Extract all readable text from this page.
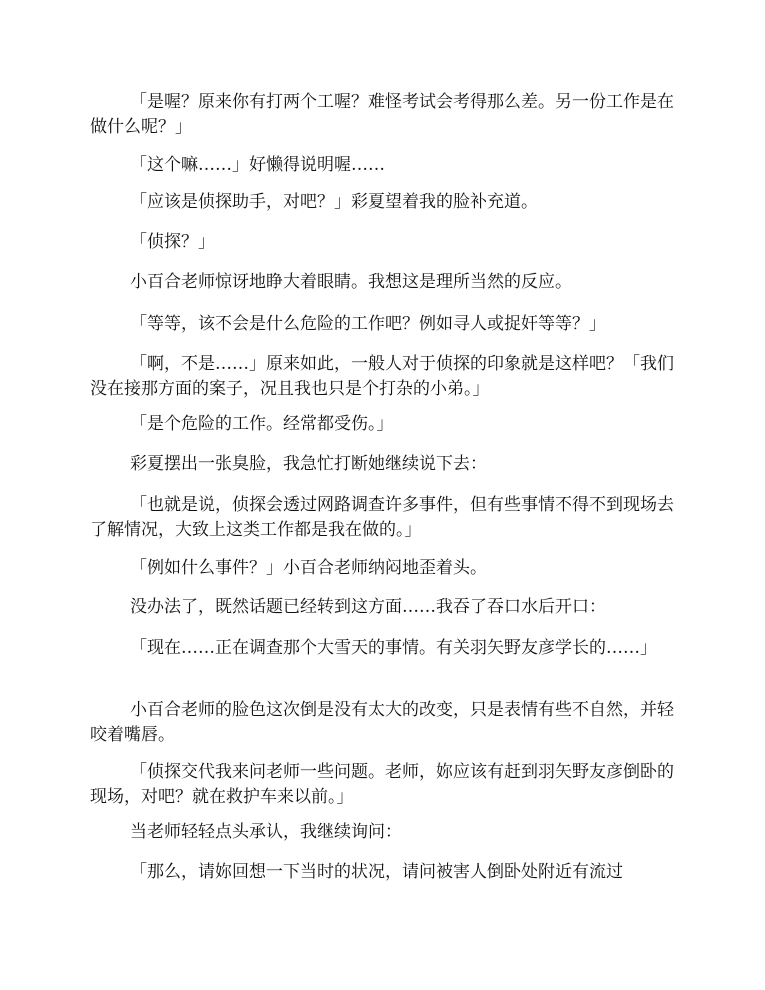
「是喔？原来你有打两个工喔？难怪考试会考得那么差。另一份工作是在做什么呢？」

「这个嘛……」好懒得说明喔……

「应该是侦探助手，对吧？」彩夏望着我的脸补充道。

「侦探？」

小百合老师惊讶地睁大着眼睛。我想这是理所当然的反应。

「等等，该不会是什么危险的工作吧？例如寻人或捉奸等等？」

「啊，不是……」原来如此，一般人对于侦探的印象就是这样吧？「我们没在接那方面的案子，况且我也只是个打杂的小弟。」

「是个危险的工作。经常都受伤。」

彩夏摆出一张臭脸，我急忙打断她继续说下去：

「也就是说，侦探会透过网路调查许多事件，但有些事情不得不到现场去了解情况，大致上这类工作都是我在做的。」

「例如什么事件？」小百合老师纳闷地歪着头。

没办法了，既然话题已经转到这方面……我吞了吞口水后开口：

「现在……正在调查那个大雪天的事情。有关羽矢野友彦学长的……」

小百合老师的脸色这次倒是没有太大的改变，只是表情有些不自然，并轻咬着嘴唇。

「侦探交代我来问老师一些问题。老师，妳应该有赶到羽矢野友彦倒卧的现场，对吧？就在救护车来以前。」

当老师轻轻点头承认，我继续询问：

「那么，请妳回想一下当时的状况，请问被害人倒卧处附近有流过
